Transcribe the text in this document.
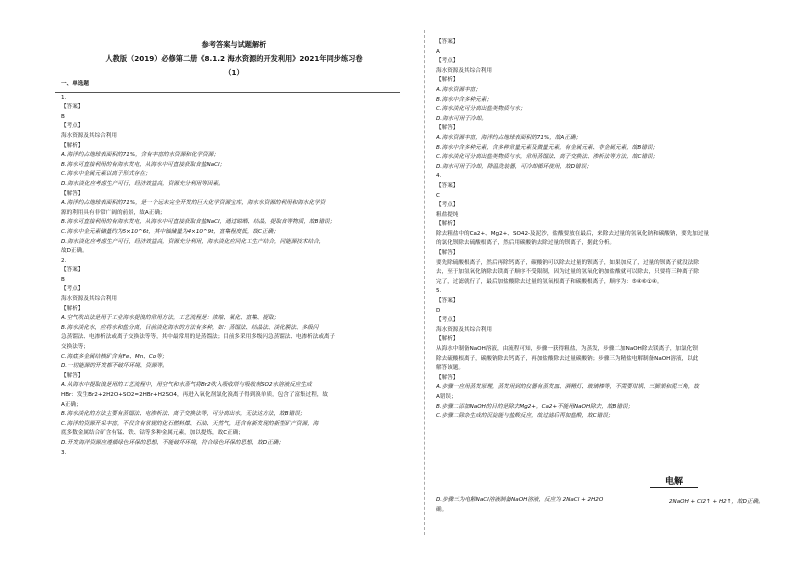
参考答案与试题解析
人教版（2019）必修第二册《8.1.2 海水资源的开发利用》2021年同步练习卷
（1）
一、单选题
1.
【答案】
B
【考点】
海水资源及其综合利用
【解析】
A.海洋约占地球表面积的71%，含有丰富的水资源和化学资源；
B.海水可直接利用的有海水发电，从海水中可直接获取食盐NaCl；
C.海水中金属元素以离子形式存在；
D.海水淡化应考虑生产可行，经济效益高，资源充分利用等因素。
【解答】
A.海洋约占地球表面积的71%，是一个远未完全开发的巨大化学资源宝库，海水水资源的利用和海水化学资
源的利用具有非常广阔的前景，故A正确；
B.海水可直接利用的有海水发电，从海水中可直接获取食盐NaCl，通过晾晒、结晶，提取食等物质，故B错误；
C.海水中金元素储量约为5×10^6t，其中铀储量为4×10^9t，富集程度低，故C正确；
D.海水淡化应考虑生产可行，经济效益高，资源充分利用，海水淡化应同化工生产结合，同能源技术结合，
故D正确。
2.
【答案】
B
【考点】
海水资源及其综合利用
【解析】
A.空气吹出法是用于工业海水提溴的常用方法，工艺流程是：浓缩、氧化、富集、提取；
B.海水淡化水，应将水和盐分离，目前淡化海水的方法有多种，如：蒸馏法、结晶法、淡化膜法、多级闪
急蒸馏法、电渗析法或离子交换法等等，其中最常用的是蒸馏法；目前多采用多级闪急蒸馏法、电渗析法或离子
交换法等；
C.海底多金属结核矿含有Fe、Mn、Co等；
D.一切能源的开发都不破坏环境、资源等。
【解答】
A.从海水中提取溴是用的工艺流程中，用空气和水蒸气将Br2吹入吸收塔与吸收剂SO2水溶液反应生成
HBr：发生Br2+2H2O+SO2=2HBr+H2SO4，再进入氧化剂氯化溴离子得到溴单质，包含了富集过程，故
A正确；
B.海水淡化的方法主要有蒸馏法、电渗析法、离子交换法等，可分离出水，无法达方法，故B错误；
C.海洋的资源开采丰富，不仅含有常规的化石燃料煤、石油、天然气，还含有新发现的新型矿产资源，海
底多数金属结合矿含有锰、铁、钴等多种金属元素，加以提炼，故C正确；
D.开发海洋资源应遵循绿色环保的思想，不能破坏环境，符合绿色环保的思想，故D正确；
3.
【答案】
A
【考点】
海水资源及其综合利用
【解析】
A.海水资源丰富；
B.海水中含多种元素；
C.海水淡化可分离出盐类物质与水；
D.海水可用于冷却。
【解答】
A.海水资源丰富，海洋约占地球表面积的71%，故A正确；
B.海水中含多种元素，含多种常量元素及微量元素，有金属元素、非金属元素，故B错误；
C.海水淡化可分离出盐类物质与水，常用蒸馏法、离子交换法、渗析法等方法，故C错误；
D.海水可用于冷却，降温洗装器，可冷却循环使用，故D错误；
4.
【答案】
C
【考点】
粗盐提纯
【解析】
除去粗盐中的Ca2+、Mg2+、SO42-及泥沙，盐酸要放在最后，来除去过量的氢氧化钠和碳酸钠，要先加过量
的氯化钡除去硫酸根离子，然后用碳酸钠去除过量的钡离子，据此分析。
【解答】
要先除硫酸根离子，然后再除钙离子，碳酸钠可以除去过量的钡离子，如果加反了，过量的钡离子就没法除
去，至于加氢氧化钠除去镁离子顺序不受限制，因为过量的氢氧化钠加盐酸就可以除去，只要将三种离子除
完了，过滤就行了，最后加盐酸除去过量的氢氧根离子和碳酸根离子，顺序为：⑤④⑥①④。
5.
【答案】
D
【考点】
海水资源及其综合利用
【解析】
从海水中制备NaOH溶液，由流程可知，步骤一获得粗盐，为蒸发，步骤二加NaOH除去镁离子，加氯化钡
除去硫酸根离子，碳酸钠除去钙离子，再加盐酸除去过量碳酸钠；步骤三为精盐电解制备NaOH溶液，以此
解答该题。
【解答】
A.步骤一应用蒸发原理，蒸发用到的仪器有蒸发皿、酒精灯、玻璃棒等，不需要坩埚、三脚架和泥三角，故
A错误；
B.步骤二添加NaOH的目的是除去Mg2+，Ca2+不能用NaOH除去，故B错误；
C.步骤二除杂生成的沉淀能与盐酸反应，故过滤后再加盐酸，故C错误；
电解
2NaOH + Cl2↑ + H2↑，故D正确。
D.步骤三为电解NaCl溶液制备NaOH溶液，反应为 2NaCl + 2H2O
确。
